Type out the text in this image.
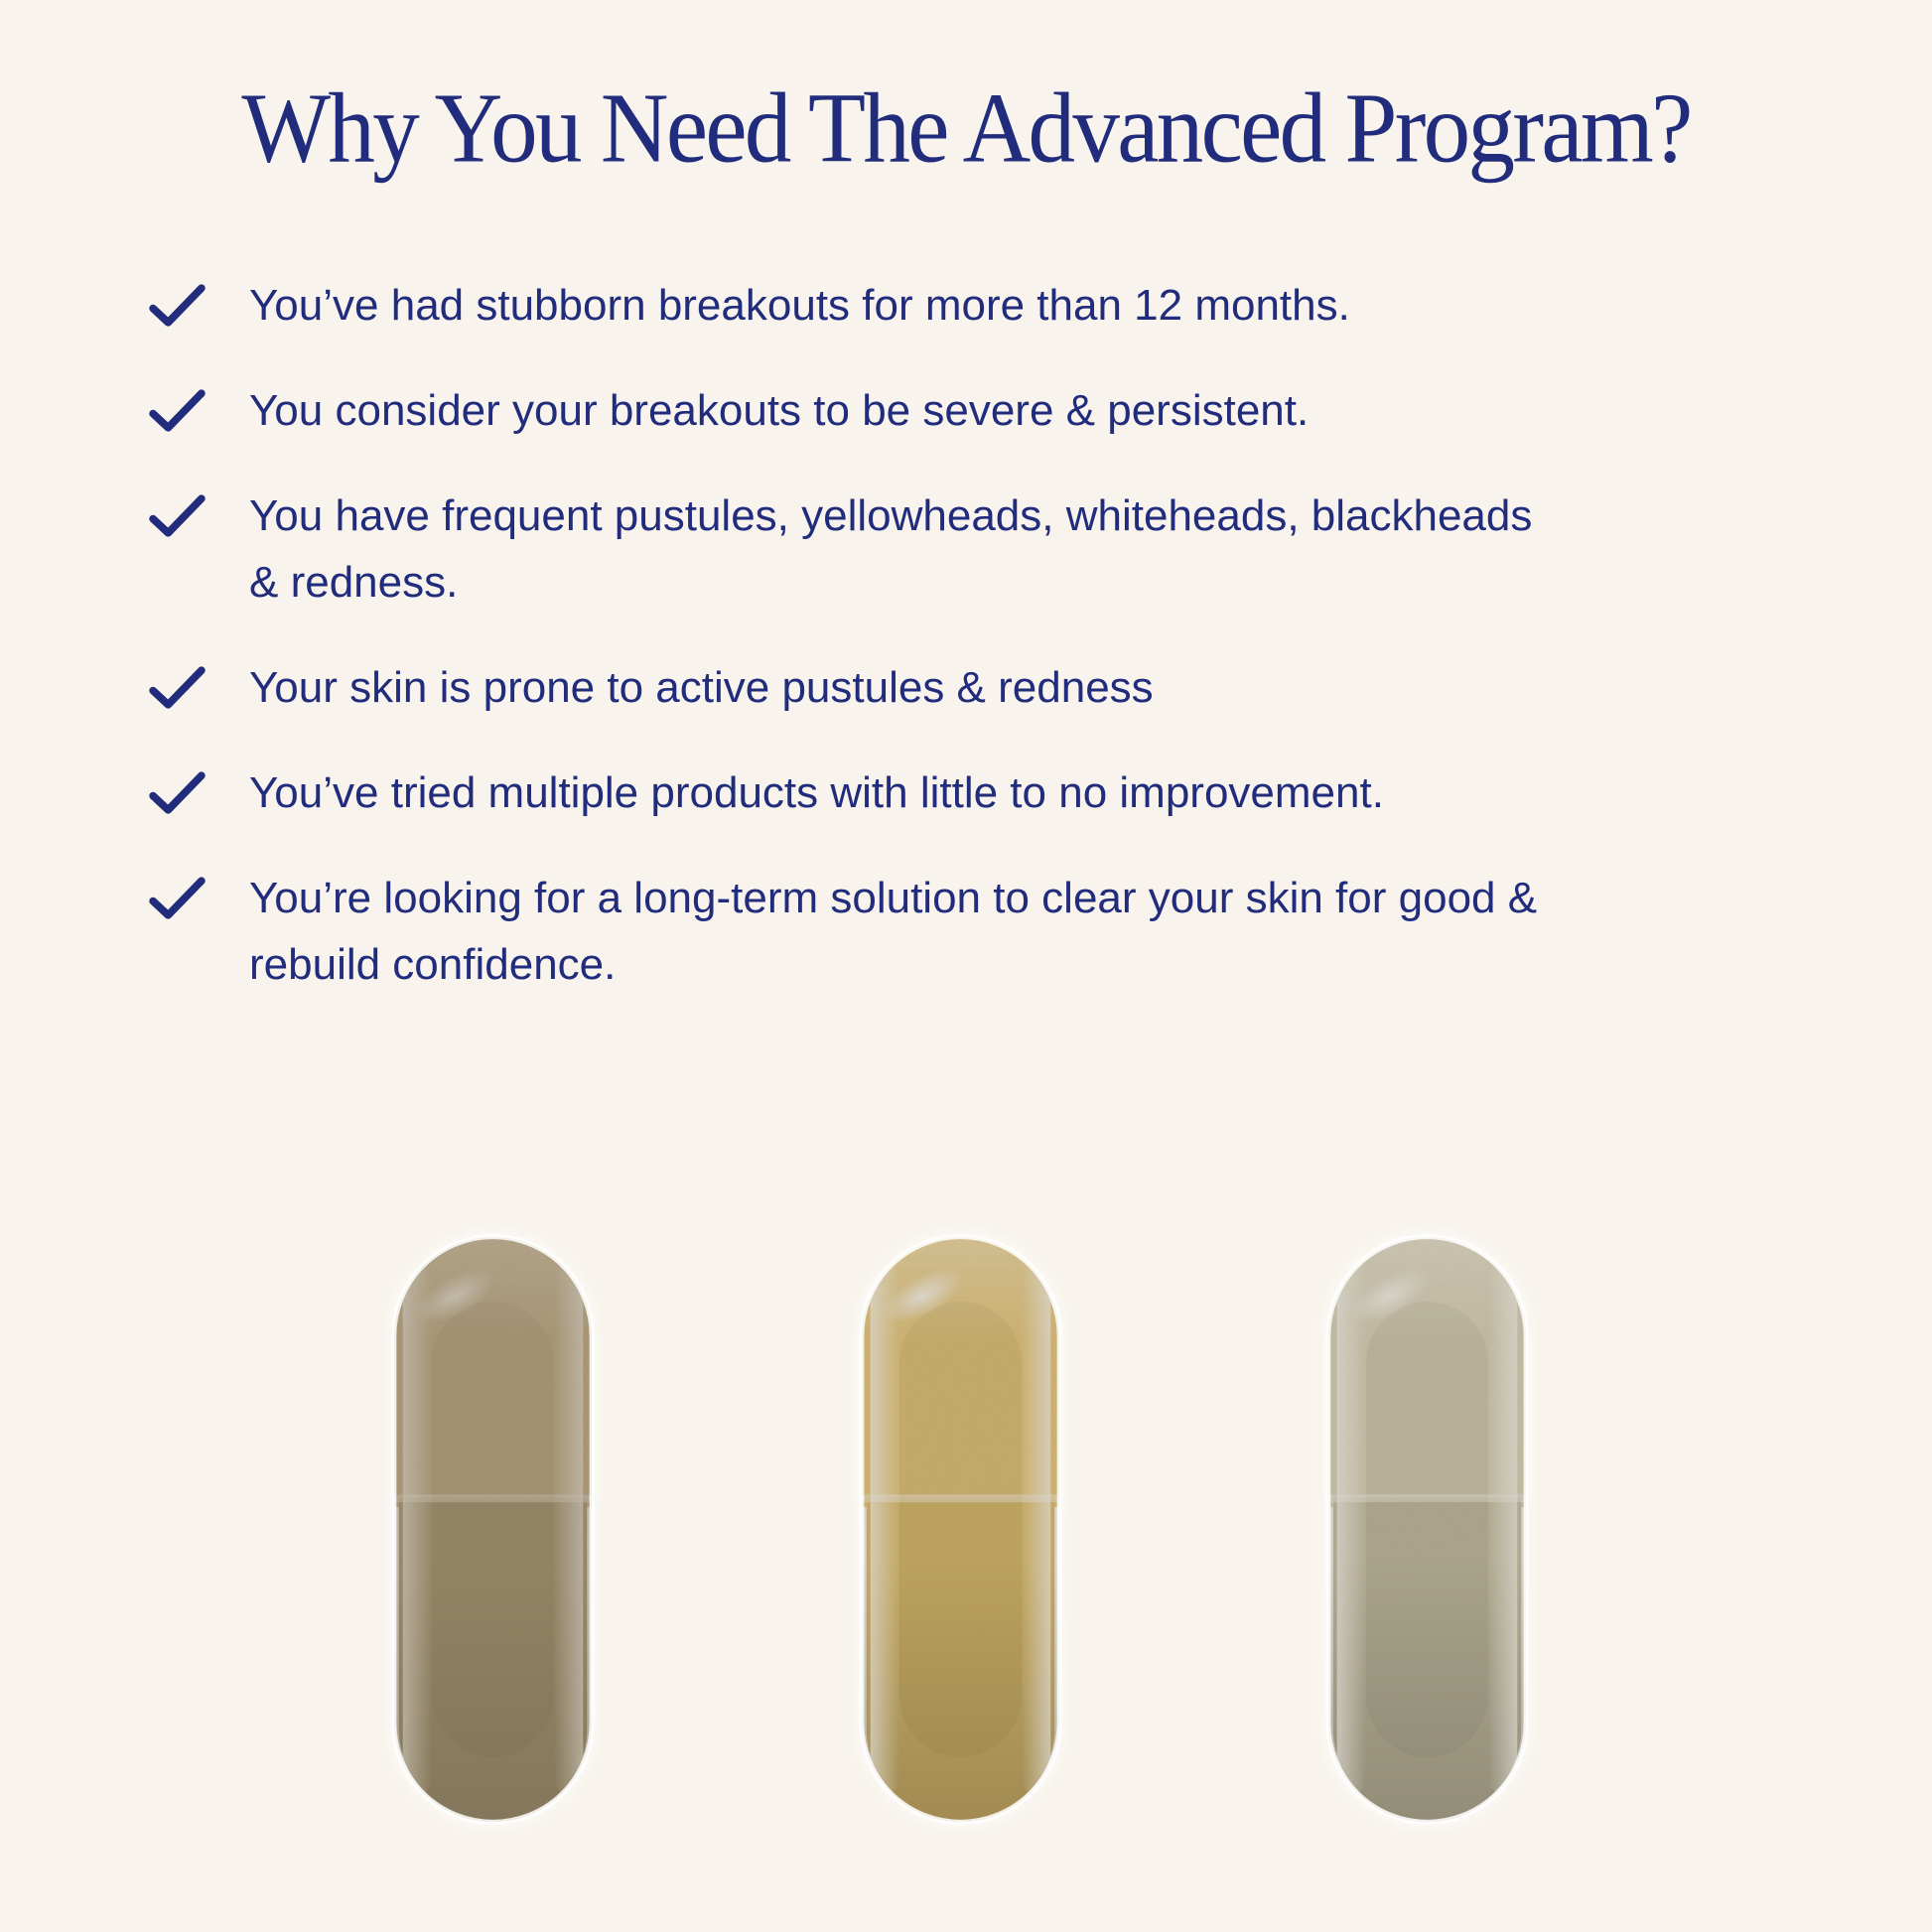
Why You Need The Advanced Program?
You’ve had stubborn breakouts for more than 12 months.
You consider your breakouts to be severe & persistent.
You have frequent pustules, yellowheads, whiteheads, blackheads & redness.
Your skin is prone to active pustules & redness
You’ve tried multiple products with little to no improvement.
You’re looking for a long-term solution to clear your skin for good & rebuild confidence.
